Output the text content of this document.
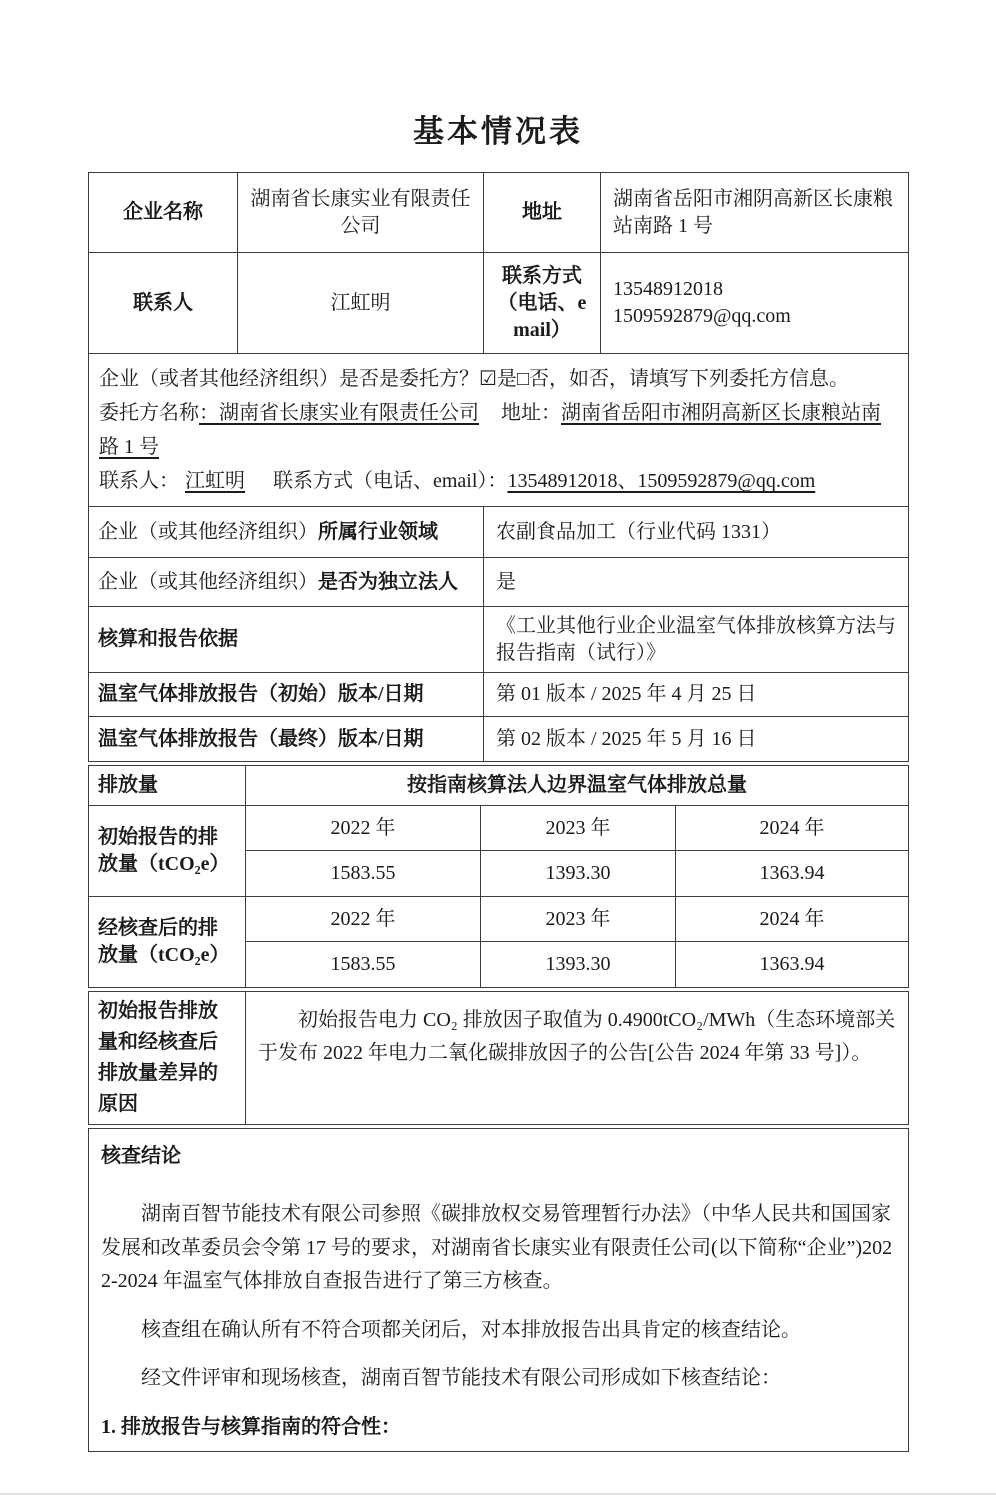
基本情况表
企业名称	湖南省长康实业有限责任公司	地址	湖南省岳阳市湘阴高新区长康粮站南路 1 号
联系人	江虹明	联系方式（电话、email）	13548912018
1509592879@qq.com

企业（或者其他经济组织）是否是委托方？☑是□否，如否，请填写下列委托方信息。
委托方名称：湖南省长康实业有限责任公司 地址：湖南省岳阳市湘阴高新区长康粮站南路 1 号
联系人： 江虹明 联系方式（电话、email）：13548912018、1509592879@qq.com			

企业（或其他经济组织）所属行业领域		农副食品加工（行业代码 1331）	
企业（或其他经济组织）是否为独立法人		是	
核算和报告依据		《工业其他行业企业温室气体排放核算方法与报告指南（试行）》	
温室气体排放报告（初始）版本/日期		第 01 版本 / 2025 年 4 月 25 日	
温室气体排放报告（最终）版本/日期		第 02 版本 / 2025 年 5 月 16 日	
排放量	按指南核算法人边界温室气体排放总量		
初始报告的排放量（tCO₂e）	2022 年	2023 年	2024 年
	1583.55	1393.30	1363.94
经核查后的排放量（tCO₂e）	2022 年	2023 年	2024 年
	1583.55	1393.30	1363.94
初始报告排放量和经核查后排放量差异的原因	
初始报告电力 CO₂ 排放因子取值为 0.4900tCO₂/MWh（生态环境部关于发布 2022 年电力二氧化碳排放因子的公告[公告 2024 年第 33 号]）。
核查结论
湖南百智节能技术有限公司参照《碳排放权交易管理暂行办法》（中华人民共和国国家发展和改革委员会令第 17 号的要求，对湖南省长康实业有限责任公司(以下简称“企业”)2022-2024 年温室气体排放自查报告进行了第三方核查。
核查组在确认所有不符合项都关闭后，对本排放报告出具肯定的核查结论。
经文件评审和现场核查，湖南百智节能技术有限公司形成如下核查结论：
1. 排放报告与核算指南的符合性：
